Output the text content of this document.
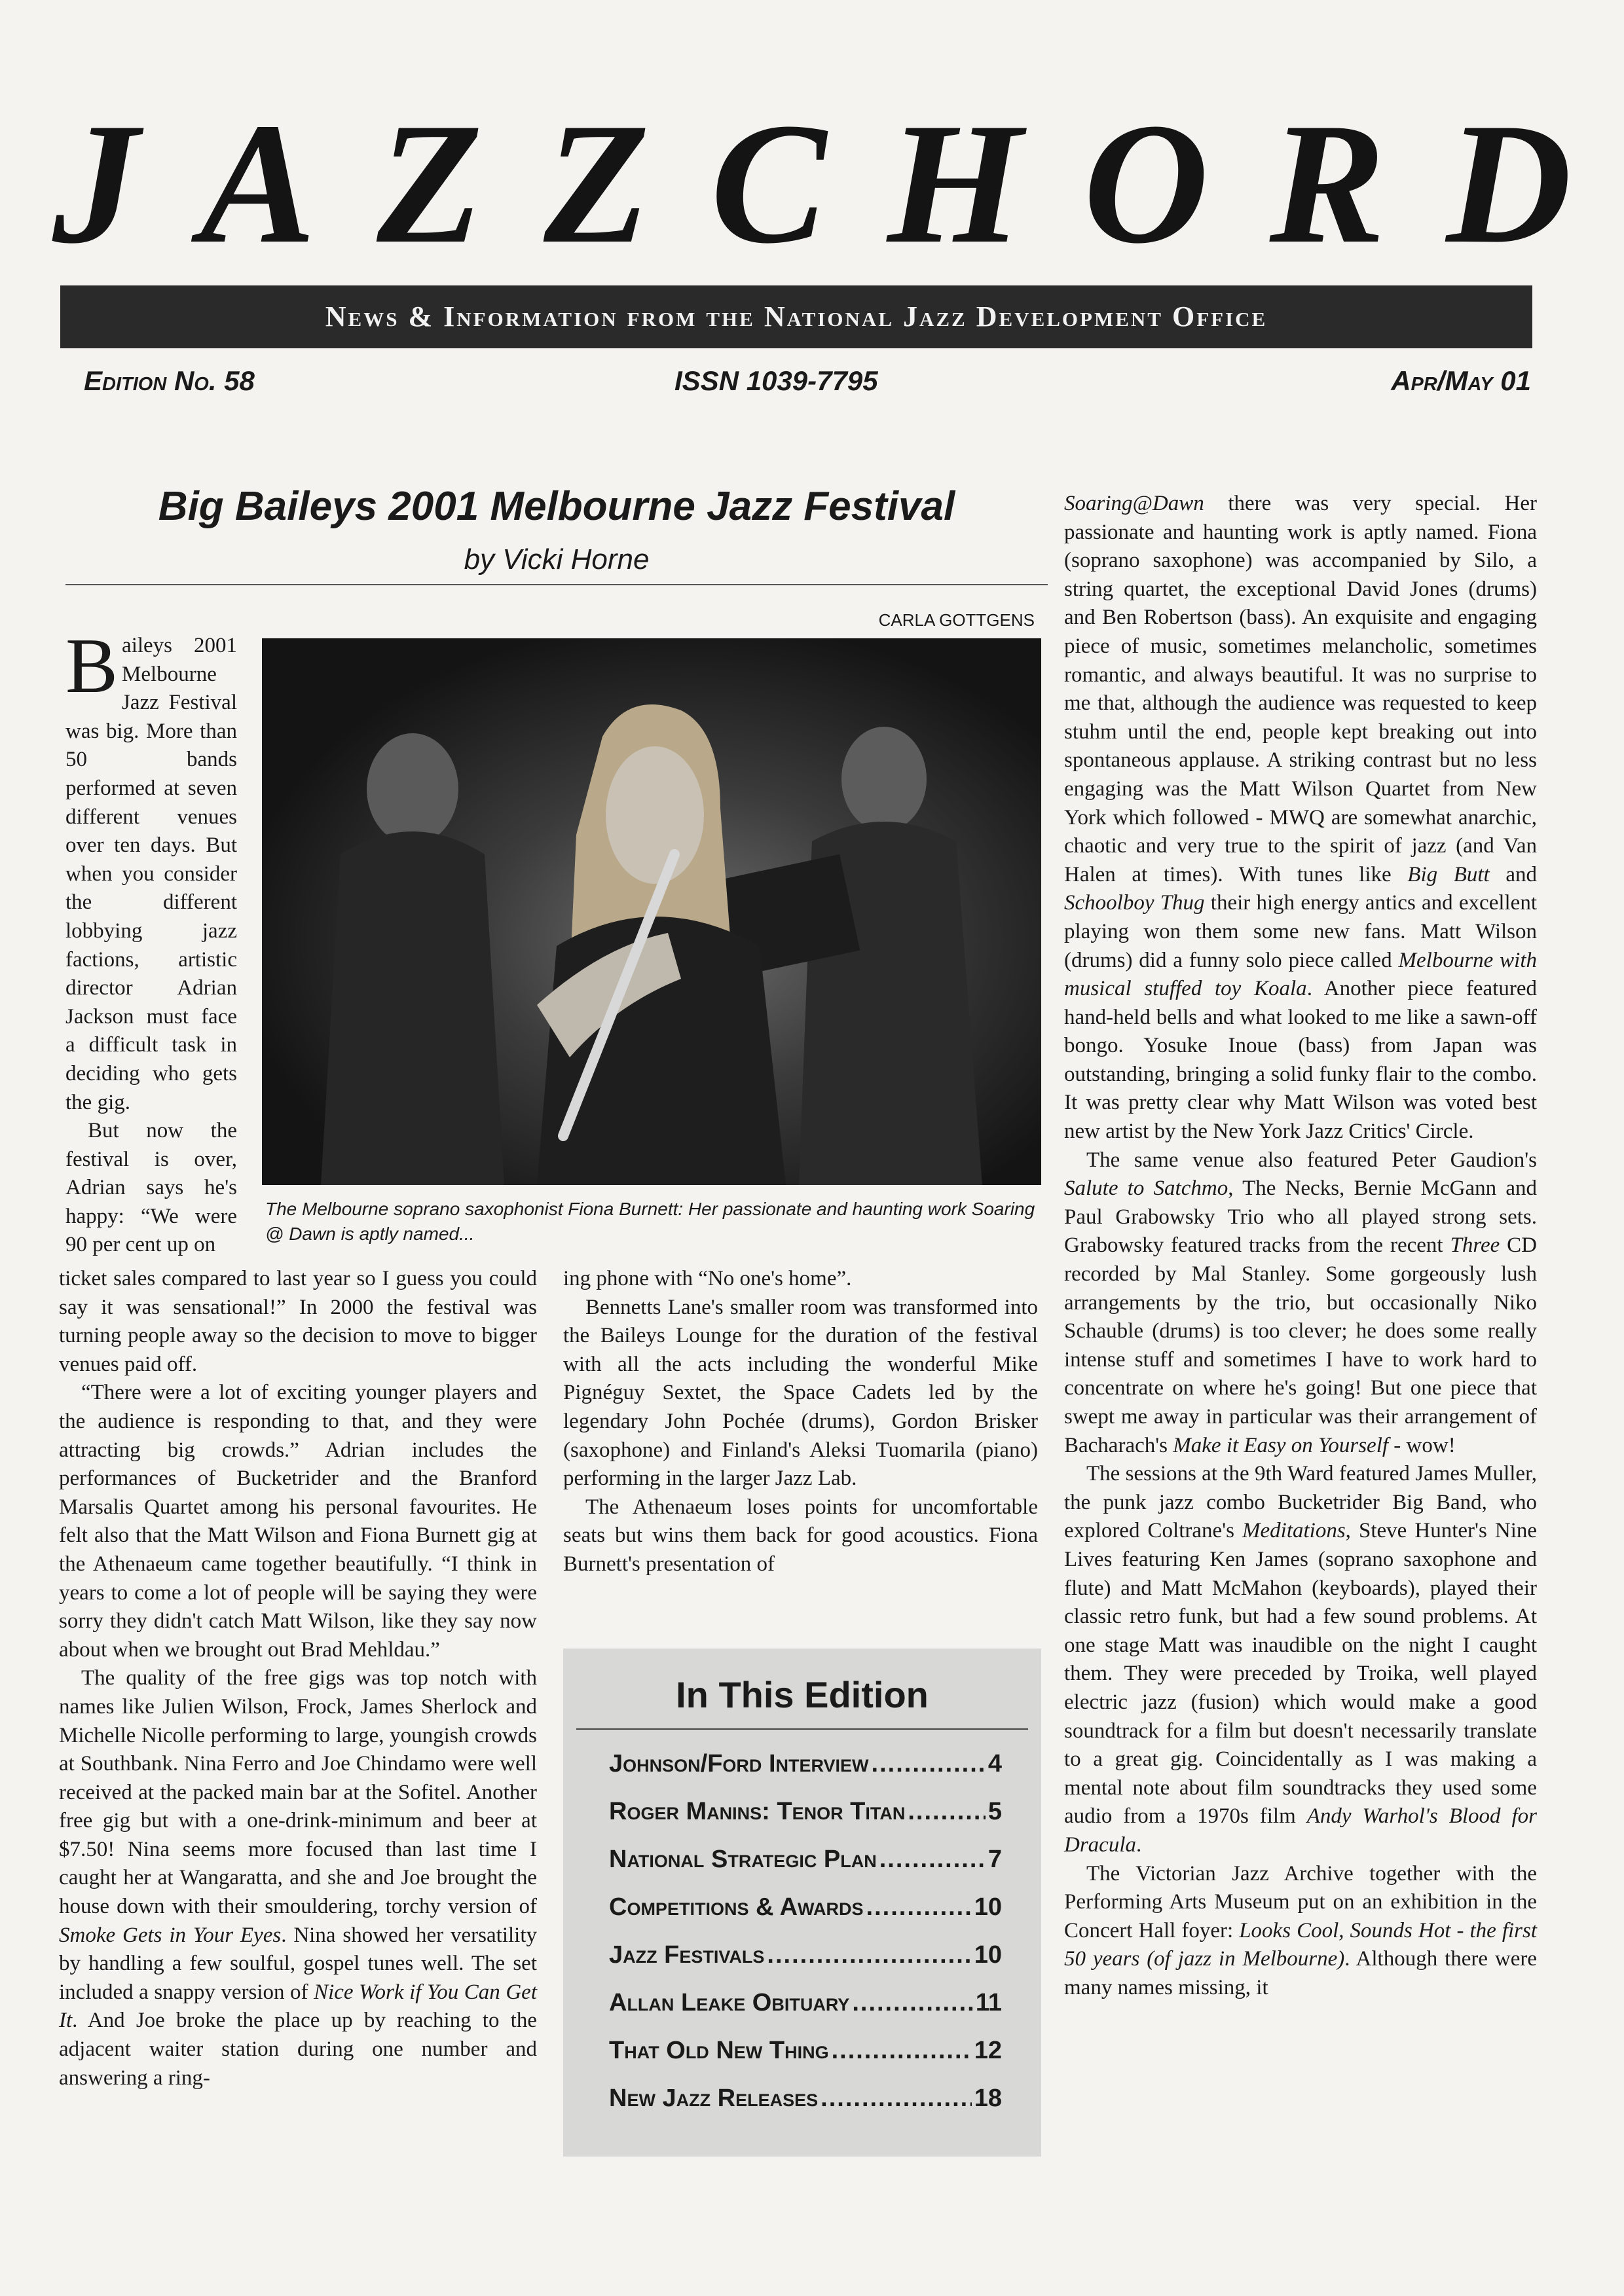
J A Z Z C H O R D
News & Information from the National Jazz Development Office
Edition No. 58	ISSN 1039-7795	Apr/May 01
Big Baileys 2001 Melbourne Jazz Festival
by Vicki Horne
CARLA GOTTGENS
The Melbourne soprano saxophonist Fiona Burnett: Her passionate and haunting work Soaring @ Dawn is aptly named...

Baileys 2001 Melbourne Jazz Festival was big. More than 50 bands performed at seven different venues over ten days. But when you consider the different lobbying jazz factions, artistic director Adrian Jackson must face a difficult task in deciding who gets the gig.

But now the festival is over, Adrian says he's happy: “We were 90 per cent up on

ticket sales compared to last year so I guess you could say it was sensational!” In 2000 the festival was turning people away so the decision to move to bigger venues paid off.

“There were a lot of exciting younger players and the audience is responding to that, and they were attracting big crowds.” Adrian includes the performances of Bucketrider and the Branford Marsalis Quartet among his personal favourites. He felt also that the Matt Wilson and Fiona Burnett gig at the Athenaeum came together beautifully. “I think in years to come a lot of people will be saying they were sorry they didn't catch Matt Wilson, like they say now about when we brought out Brad Mehldau.”

The quality of the free gigs was top notch with names like Julien Wilson, Frock, James Sherlock and Michelle Nicolle performing to large, youngish crowds at Southbank. Nina Ferro and Joe Chindamo were well received at the packed main bar at the Sofitel. Another free gig but with a one-drink-minimum and beer at $7.50! Nina seems more focused than last time I caught her at Wangaratta, and she and Joe brought the house down with their smouldering, torchy version of Smoke Gets in Your Eyes. Nina showed her versatility by handling a few soulful, gospel tunes well. The set included a snappy version of Nice Work if You Can Get It. And Joe broke the place up by reaching to the adjacent waiter station during one number and answering a ring-

ing phone with “No one's home”.

Bennetts Lane's smaller room was transformed into the Baileys Lounge for the duration of the festival with all the acts including the wonderful Mike Pignéguy Sextet, the Space Cadets led by the legendary John Pochée (drums), Gordon Brisker (saxophone) and Finland's Aleksi Tuomarila (piano) performing in the larger Jazz Lab.

The Athenaeum loses points for uncomfortable seats but wins them back for good acoustics. Fiona Burnett's presentation of

In This Edition
Johnson/Ford Interview .....	4
Roger Manins: Tenor Titan .....	5
National Strategic Plan .....	7
Competitions & Awards .....	10
Jazz Festivals .....	10
Allan Leake Obituary .....	11
That Old New Thing .....	12
New Jazz Releases .....	18

Soaring@Dawn there was very special. Her passionate and haunting work is aptly named. Fiona (soprano saxophone) was accompanied by Silo, a string quartet, the exceptional David Jones (drums) and Ben Robertson (bass). An exquisite and engaging piece of music, sometimes melancholic, sometimes romantic, and always beautiful. It was no surprise to me that, although the audience was requested to keep stuhm until the end, people kept breaking out into spontaneous applause. A striking contrast but no less engaging was the Matt Wilson Quartet from New York which followed - MWQ are somewhat anarchic, chaotic and very true to the spirit of jazz (and Van Halen at times). With tunes like Big Butt and Schoolboy Thug their high energy antics and excellent playing won them some new fans. Matt Wilson (drums) did a funny solo piece called Melbourne with musical stuffed toy Koala. Another piece featured hand-held bells and what looked to me like a sawn-off bongo. Yosuke Inoue (bass) from Japan was outstanding, bringing a solid funky flair to the combo. It was pretty clear why Matt Wilson was voted best new artist by the New York Jazz Critics' Circle.

The same venue also featured Peter Gaudion's Salute to Satchmo, The Necks, Bernie McGann and Paul Grabowsky Trio who all played strong sets. Grabowsky featured tracks from the recent Three CD recorded by Mal Stanley. Some gorgeously lush arrangements by the trio, but occasionally Niko Schauble (drums) is too clever; he does some really intense stuff and sometimes I have to work hard to concentrate on where he's going! But one piece that swept me away in particular was their arrangement of Bacharach's Make it Easy on Yourself - wow!

The sessions at the 9th Ward featured James Muller, the punk jazz combo Bucketrider Big Band, who explored Coltrane's Meditations, Steve Hunter's Nine Lives featuring Ken James (soprano saxophone and flute) and Matt McMahon (keyboards), played their classic retro funk, but had a few sound problems. At one stage Matt was inaudible on the night I caught them. They were preceded by Troika, well played electric jazz (fusion) which would make a good soundtrack for a film but doesn't necessarily translate to a great gig. Coincidentally as I was making a mental note about film soundtracks they used some audio from a 1970s film Andy Warhol's Blood for Dracula.

The Victorian Jazz Archive together with the Performing Arts Museum put on an exhibition in the Concert Hall foyer: Looks Cool, Sounds Hot - the first 50 years (of jazz in Melbourne). Although there were many names missing, it
